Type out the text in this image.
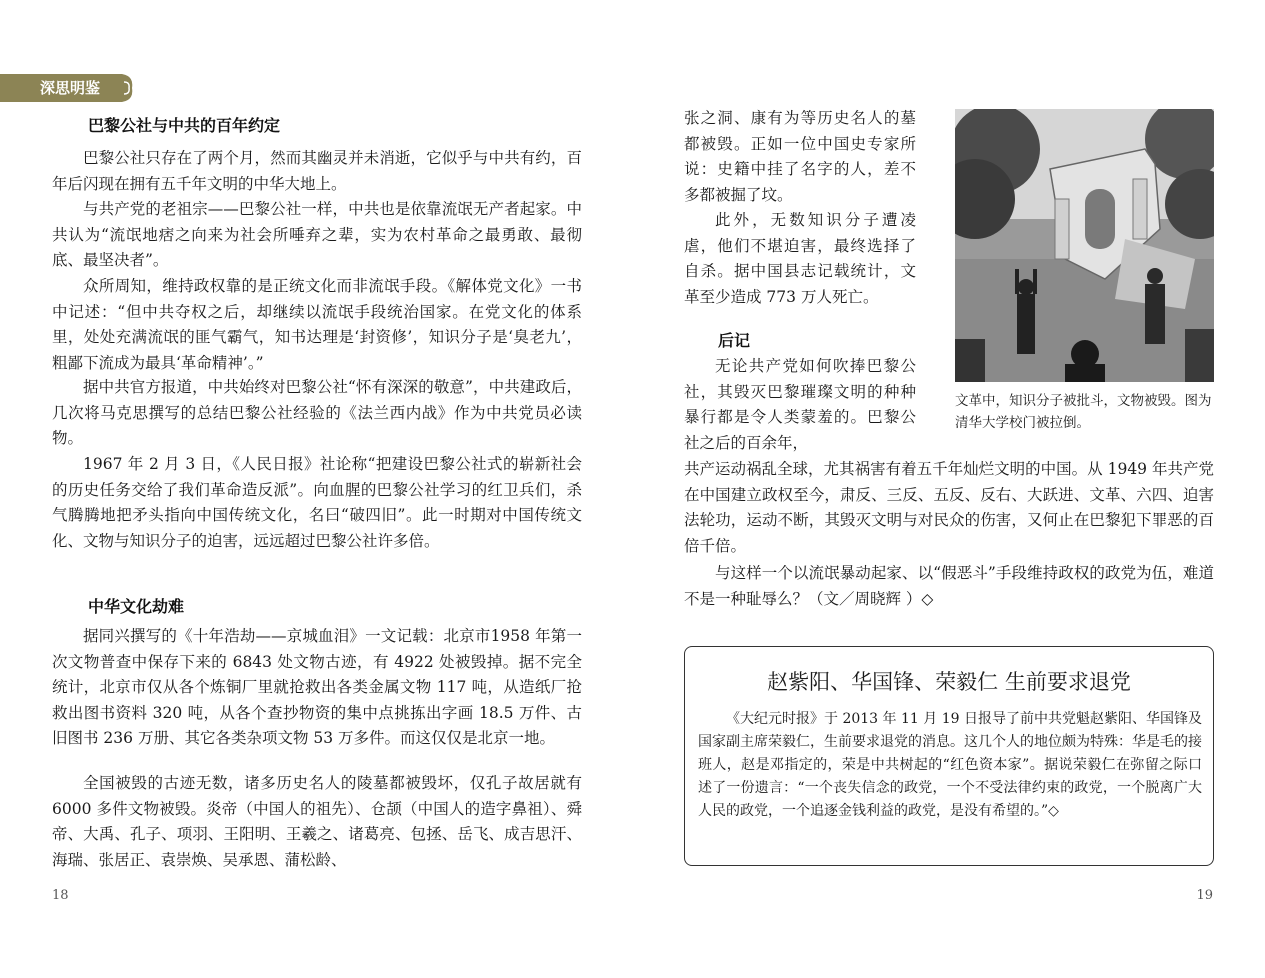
深思明鉴
巴黎公社与中共的百年约定

巴黎公社只存在了两个月，然而其幽灵并未消逝，它似乎与中共有约，百年后闪现在拥有五千年文明的中华大地上。

与共产党的老祖宗——巴黎公社一样，中共也是依靠流氓无产者起家。中共认为“流氓地痞之向来为社会所唾弃之辈，实为农村革命之最勇敢、最彻底、最坚决者”。

众所周知，维持政权靠的是正统文化而非流氓手段。《解体党文化》一书中记述：“但中共夺权之后，却继续以流氓手段统治国家。在党文化的体系里，处处充满流氓的匪气霸气，知书达理是‘封资修’，知识分子是‘臭老九’，粗鄙下流成为最具‘革命精神’。”

据中共官方报道，中共始终对巴黎公社“怀有深深的敬意”，中共建政后，几次将马克思撰写的总结巴黎公社经验的《法兰西内战》作为中共党员必读物。

1967 年 2 月 3 日，《人民日报》社论称“把建设巴黎公社式的崭新社会的历史任务交给了我们革命造反派”。向血腥的巴黎公社学习的红卫兵们，杀气腾腾地把矛头指向中国传统文化，名曰“破四旧”。此一时期对中国传统文化、文物与知识分子的迫害，远远超过巴黎公社许多倍。

中华文化劫难

据同兴撰写的《十年浩劫——京城血泪》一文记载：北京市1958 年第一次文物普查中保存下来的 6843 处文物古迹，有 4922 处被毁掉。据不完全统计，北京市仅从各个炼铜厂里就抢救出各类金属文物 117 吨，从造纸厂抢救出图书资料 320 吨，从各个查抄物资的集中点挑拣出字画 18.5 万件、古旧图书 236 万册、其它各类杂项文物 53 万多件。而这仅仅是北京一地。

全国被毁的古迹无数，诸多历史名人的陵墓都被毁坏，仅孔子故居就有 6000 多件文物被毁。炎帝（中国人的祖先）、仓颉（中国人的造字鼻祖）、舜帝、大禹、孔子、项羽、王阳明、王羲之、诸葛亮、包拯、岳飞、成吉思汗、海瑞、张居正、袁崇焕、吴承恩、蒲松龄、

18

张之洞、康有为等历史名人的墓都被毁。正如一位中国史专家所说：史籍中挂了名字的人，差不多都被掘了坟。

此外，无数知识分子遭凌虐，他们不堪迫害，最终选择了自杀。据中国县志记载统计，文革至少造成 773 万人死亡。

后记

无论共产党如何吹捧巴黎公社，其毁灭巴黎璀璨文明的种种暴行都是令人类蒙羞的。巴黎公社之后的百余年，

共产运动祸乱全球，尤其祸害有着五千年灿烂文明的中国。从 1949 年共产党在中国建立政权至今，肃反、三反、五反、反右、大跃进、文革、六四、迫害法轮功，运动不断，其毁灭文明与对民众的伤害，又何止在巴黎犯下罪恶的百倍千倍。

与这样一个以流氓暴动起家、以“假恶斗”手段维持政权的政党为伍，难道不是一种耻辱么？（文／周晓辉 ）◇

文革中，知识分子被批斗，文物被毁。图为清华大学校门被拉倒。
赵紫阳、华国锋、荣毅仁 生前要求退党

《大纪元时报》于 2013 年 11 月 19 日报导了前中共党魁赵紫阳、华国锋及国家副主席荣毅仁，生前要求退党的消息。这几个人的地位颇为特殊：华是毛的接班人，赵是邓指定的，荣是中共树起的“红色资本家”。据说荣毅仁在弥留之际口述了一份遗言：“一个丧失信念的政党，一个不受法律约束的政党，一个脱离广大人民的政党，一个追逐金钱利益的政党，是没有希望的。”◇

19
